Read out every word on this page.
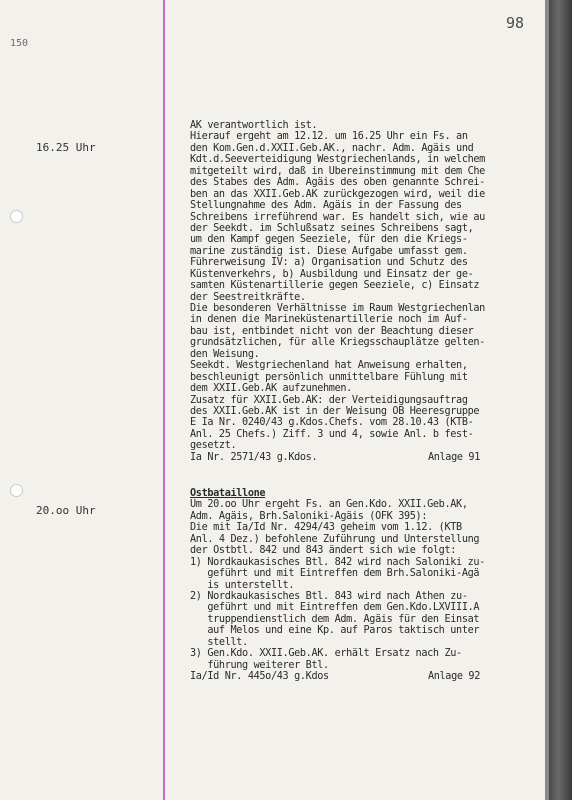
98
150
16.25 Uhr
AK verantwortlich ist.
Hierauf ergeht am 12.12. um 16.25 Uhr ein Fs. an
den Kom.Gen.d.XXII.Geb.AK., nachr. Adm. Ägäis und
Kdt.d.Seeverteidigung Westgriechenlands, in welchem
mitgeteilt wird, daß in Übereinstimmung mit dem Che
des Stabes des Adm. Ägäis des oben genannte Schrei-
ben an das XXII.Geb.AK zurückgezogen wird, weil die
Stellungnahme des Adm. Ägäis in der Fassung des
Schreibens irreführend war. Es handelt sich, wie au
der Seekdt. im Schlußsatz seines Schreibens sagt,
um den Kampf gegen Seeziele, für den die Kriegs-
marine zuständig ist. Diese Aufgabe umfasst gem.
Führerweisung IV: a) Organisation und Schutz des
Küstenverkehrs, b) Ausbildung und Einsatz der ge-
samten Küstenartillerie gegen Seeziele, c) Einsatz
der Seestreitkräfte.
Die besonderen Verhältnisse im Raum Westgriechenlan
in denen die Marineküstenartillerie noch im Auf-
bau ist, entbindet nicht von der Beachtung dieser
grundsätzlichen, für alle Kriegsschauplätze gelten-
den Weisung.
Seekdt. Westgriechenland hat Anweisung erhalten,
beschleunigt persönlich unmittelbare Fühlung mit
dem XXII.Geb.AK aufzunehmen.
Zusatz für XXII.Geb.AK: der Verteidigungsauftrag
des XXII.Geb.AK ist in der Weisung OB Heeresgruppe
E Ia Nr. 0240/43 g.Kdos.Chefs. vom 28.10.43 (KTB-
Anl. 25 Chefs.) Ziff. 3 und 4, sowie Anl. b fest-
gesetzt.
Ia Nr. 2571/43 g.Kdos.	Anlage 91
20.oo Uhr
Ostbataillone
Um 20.oo Uhr ergeht Fs. an Gen.Kdo. XXII.Geb.AK,
Adm. Ägäis, Brh.Saloniki-Ägäis (OFK 395):
Die mit Ia/Id Nr. 4294/43 geheim vom 1.12. (KTB
Anl. 4 Dez.) befohlene Zuführung und Unterstellung
der Ostbtl. 842 und 843 ändert sich wie folgt:
1) Nordkaukasisches Btl. 842 wird nach Saloniki zu-
geführt und mit Eintreffen dem Brh.Saloniki-Ägä
is unterstellt.
2) Nordkaukasisches Btl. 843 wird nach Athen zu-
geführt und mit Eintreffen dem Gen.Kdo.LXVIII.A
truppendienstlich dem Adm. Ägäis für den Einsat
auf Melos und eine Kp. auf Paros taktisch unter
stellt.
3) Gen.Kdo. XXII.Geb.AK. erhält Ersatz nach Zu-
führung weiterer Btl.
Ia/Id Nr. 445o/43 g.Kdos	Anlage 92
